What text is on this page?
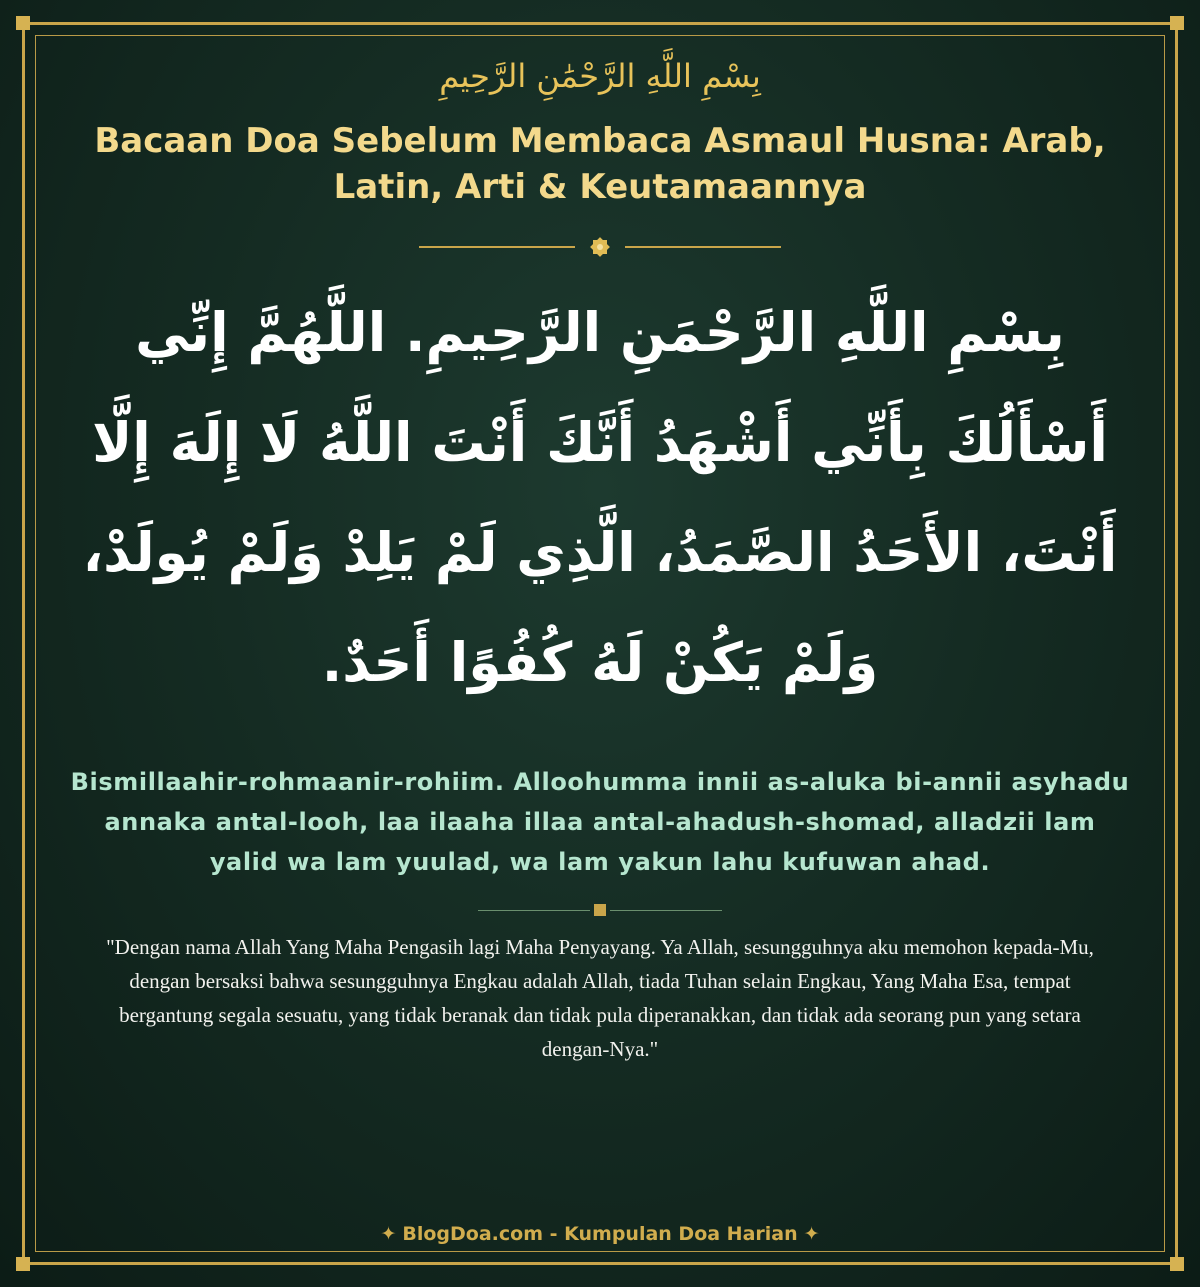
بِسْمِ اللَّهِ الرَّحْمَٰنِ الرَّحِيمِ
Bacaan Doa Sebelum Membaca Asmaul Husna: Arab, Latin, Arti & Keutamaannya
بِسْمِ اللَّهِ الرَّحْمَنِ الرَّحِيمِ. اللَّهُمَّ إِنِّي أَسْأَلُكَ بِأَنِّي أَشْهَدُ أَنَّكَ أَنْتَ اللَّهُ لَا إِلَهَ إِلَّا أَنْتَ، الأَحَدُ الصَّمَدُ، الَّذِي لَمْ يَلِدْ وَلَمْ يُولَدْ، وَلَمْ يَكُنْ لَهُ كُفُوًا أَحَدٌ.
Bismillaahir-rohmaanir-rohiim. Alloohumma innii as-aluka bi-annii asyhadu annaka antal-looh, laa ilaaha illaa antal-ahadush-shomad, alladzii lam yalid wa lam yuulad, wa lam yakun lahu kufuwan ahad.
"Dengan nama Allah Yang Maha Pengasih lagi Maha Penyayang. Ya Allah, sesungguhnya aku memohon kepada-Mu, dengan bersaksi bahwa sesungguhnya Engkau adalah Allah, tiada Tuhan selain Engkau, Yang Maha Esa, tempat bergantung segala sesuatu, yang tidak beranak dan tidak pula diperanakkan, dan tidak ada seorang pun yang setara dengan-Nya."
✦ BlogDoa.com - Kumpulan Doa Harian ✦
